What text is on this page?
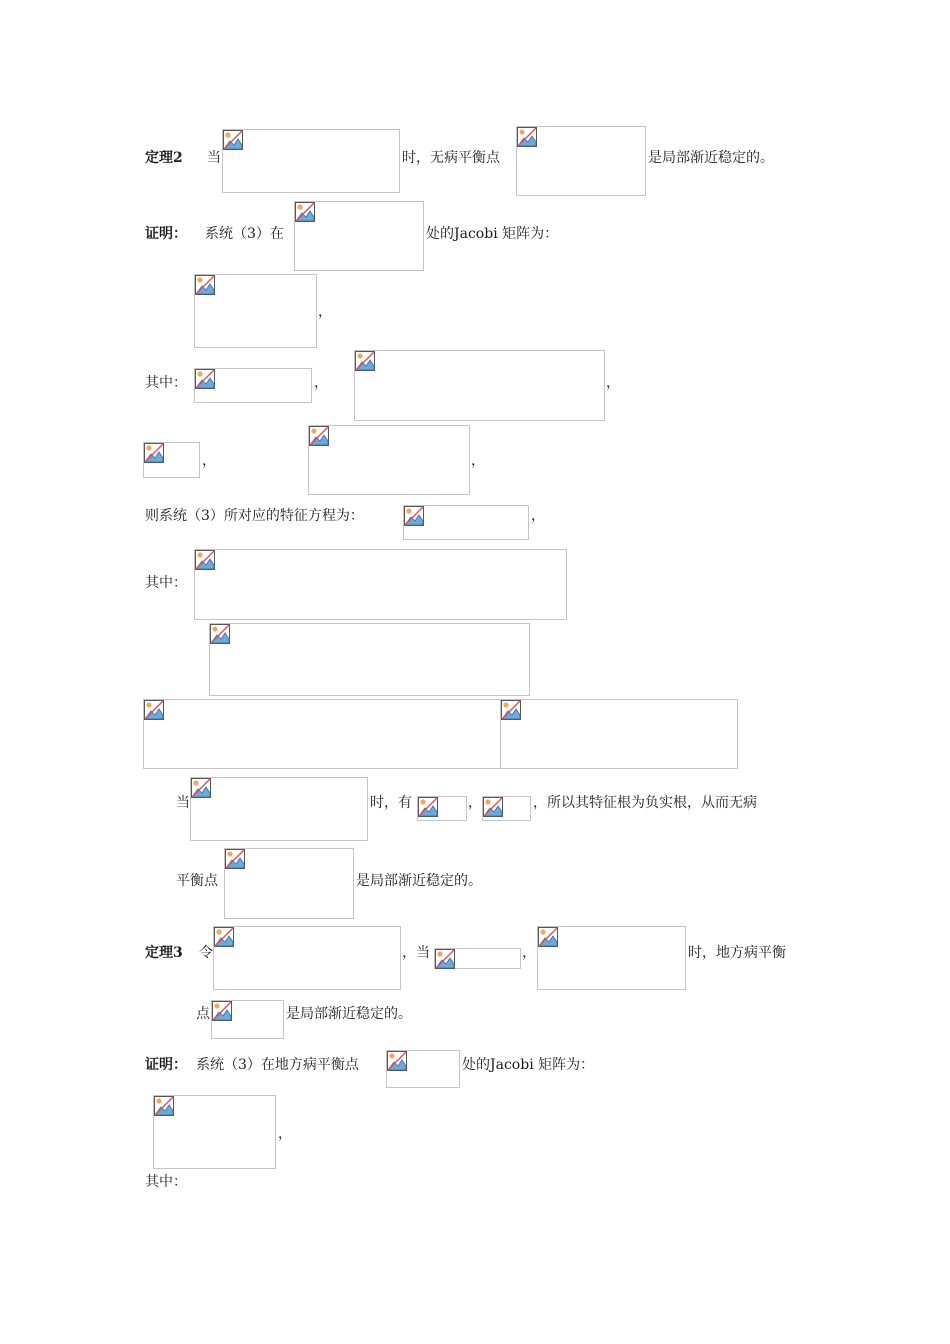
定理2 当	时，无病平衡点	是局部渐近稳定的。
证明： 系统（3）在	处的Jacobi 矩阵为：
，
其中：	，	，
，	，
则系统（3）所对应的特征方程为：	，
其中：
当	时，有	，	，所以其特征根为负实根，从而无病
平衡点	是局部渐近稳定的。
定理3 令	，当	，	时，地方病平衡
点	是局部渐近稳定的。
证明： 系统（3）在地方病平衡点	处的Jacobi 矩阵为：
，
其中：
